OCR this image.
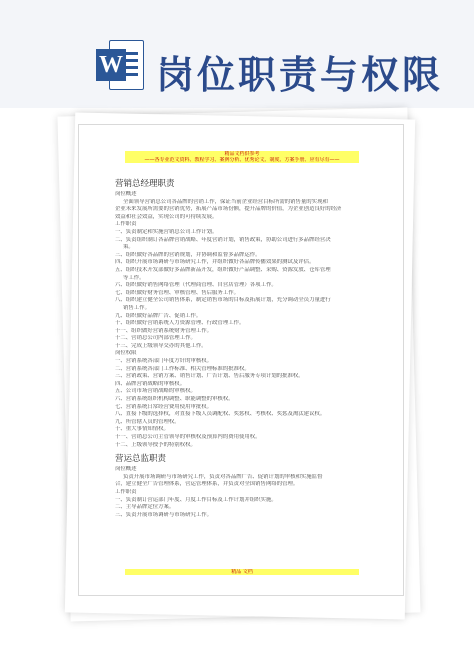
W 岗位职责与权限
精品文档供参考
——各专业范文资料、教程学习、案例分析、优秀论文、制度、方案手册、应有尽有——
营销总经理职责

岗位概述

全面领导营销总公司各品牌的营销工作，保证当前企业经营目标所需的销售量的实现和

企业未来发展所需要的营销优势，拓展产品市场份额，提升品牌的价值，为企业创造良好的经济

效益和社会效益，实现公司的可持续发展。

工作职责

一、负责制定和实施营销总公司工作计划。

二、负责组织制订各品牌营销战略、年度营销计划，销售政策，协助公司进行多品牌经营决

策。

三、组织做好各品牌的营销规划，并协调和监督多品牌运作。

四、组织开展市场调研与市场研究工作，并组织做好各品牌传播效果的测试及评估。

五、组织技术开发部做好多品牌新品开发，组织做好产品调整、采购、资源发放、仓库管理

等工作。

六、组织做好销售网络管理（代理商管理、自营店管理）各项工作。

七、组织做好财务管理、审核管理、售后服务工作。

八、组织建立健全公司销售体系，制定销售市场的目标及拓展计划，充分调动全员力量进行

销售工作。

九、组织做好品牌广告、促销工作。

十、组织做好营销系统人力资源管理、行政管理工作。

十一、组织做好营销系统财务管理工作。

十二、营销总公司内部管理工作。

十三、完成上级领导交办的其他工作。

岗位权限

一、营销系统各部门年度方针的审核权。

二、营销系统各部门工作标准、相关管理标准的批准权。

三、营销政策、营销方案、销售计划、广告计划、售后服务专项计划的批准权。

四、品牌营销战略的审核权。

五、公司市场营销战略的审核权。

六、营销系统组织机构调整、职能调整的审核权。

七、营销系统日常经营费用使用审批权。

八、直接下级的选择权，对直接下级人员调配权、奖惩权、考核权、奖惩及淘汰建议权。

九、所管辖人员的管理权。

十、重大事情知情权。

十一、营销总公司主管领导的审核权及预算内的费用使用权。

十二、上级领导授予的特别权权。

营运总监职责

岗位概述

负责开展市场调研与市场研究工作，负责对各品牌广告、促销计划的审核和实施监督

合，建立健全广告管理体系，营运管理体系，并负责对全国销售网络的管理。

工作职责

一、负责制订营运部门年度、月度工作目标及工作计划并组织实施。

二、主导品牌定位方案。

三、负责开展市场调研与市场研究工作。

精品 文档
